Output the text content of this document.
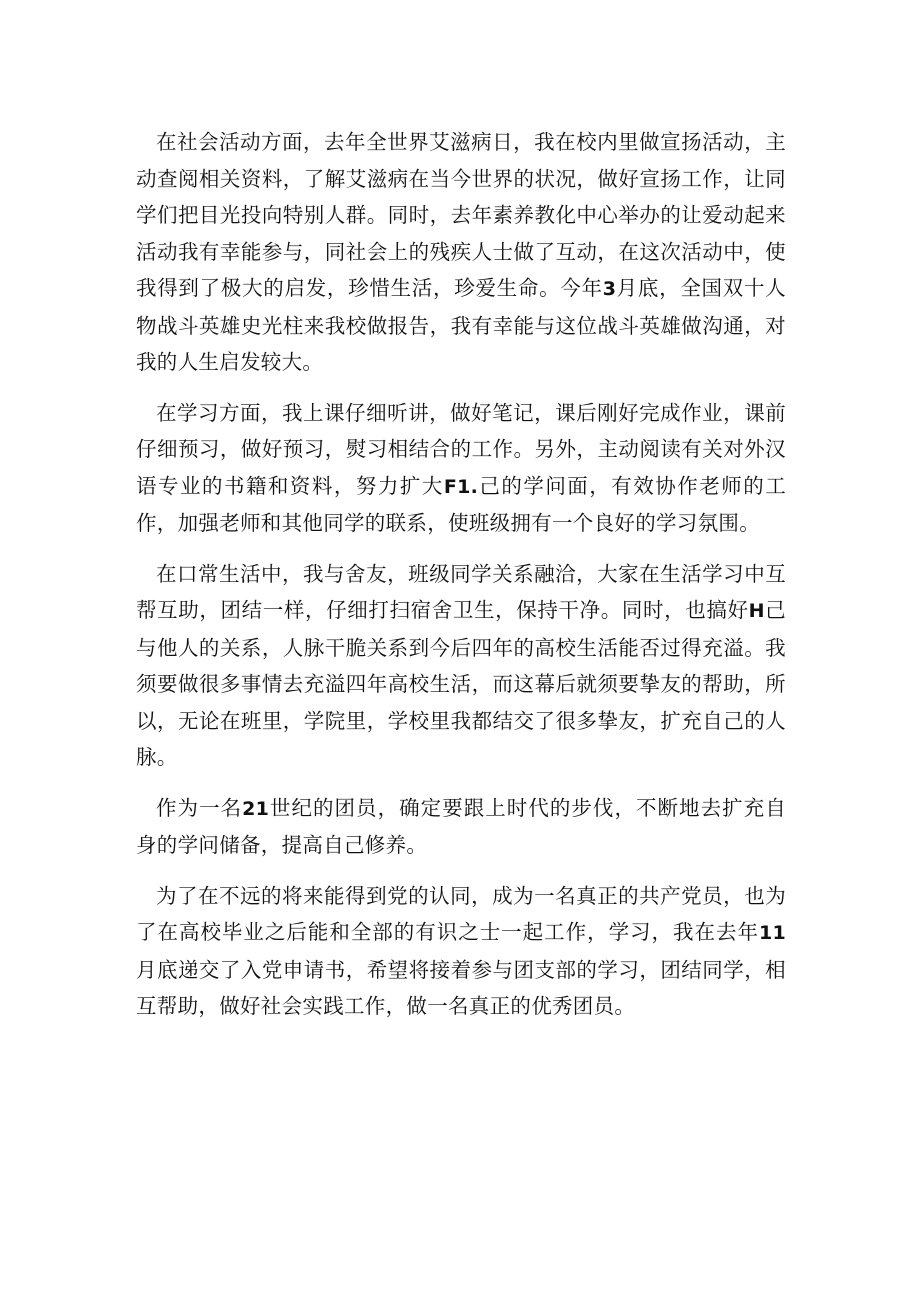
在社会活动方面，去年全世界艾滋病日，我在校内里做宣扬活动，主动查阅相关资料，了解艾滋病在当今世界的状况，做好宣扬工作，让同学们把目光投向特别人群。同时，去年素养教化中心举办的让爱动起来活动我有幸能参与，同社会上的残疾人士做了互动，在这次活动中，使我得到了极大的启发，珍惜生活，珍爱生命。今年3月底，全国双十人物战斗英雄史光柱来我校做报告，我有幸能与这位战斗英雄做沟通，对我的人生启发较大。

在学习方面，我上课仔细听讲，做好笔记，课后刚好完成作业，课前仔细预习，做好预习，熨习相结合的工作。另外，主动阅读有关对外汉语专业的书籍和资料，努力扩大F1.己的学问面，有效协作老师的工作，加强老师和其他同学的联系，使班级拥有一个良好的学习氛围。

在口常生活中，我与舍友，班级同学关系融洽，大家在生活学习中互帮互助，团结一样，仔细打扫宿舍卫生，保持干净。同时，也搞好H己与他人的关系，人脉干脆关系到今后四年的高校生活能否过得充溢。我须要做很多事情去充溢四年高校生活，而这幕后就须要挚友的帮助，所以，无论在班里，学院里，学校里我都结交了很多挚友，扩充自己的人脉。

作为一名21世纪的团员，确定要跟上时代的步伐，不断地去扩充自身的学问储备，提高自己修养。

为了在不远的将来能得到党的认同，成为一名真正的共产党员，也为了在高校毕业之后能和全部的有识之士一起工作，学习，我在去年11月底递交了入党申请书，希望将接着参与团支部的学习，团结同学，相互帮助，做好社会实践工作，做一名真正的优秀团员。
